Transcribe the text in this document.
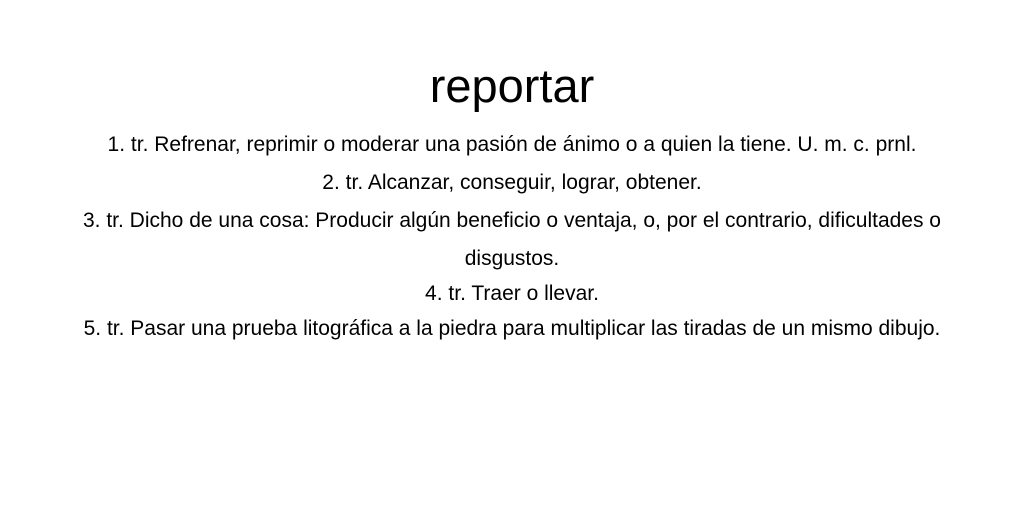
reportar
1. tr. Refrenar, reprimir o moderar una pasión de ánimo o a quien la tiene. U. m. c. prnl.
2. tr. Alcanzar, conseguir, lograr, obtener.
3. tr. Dicho de una cosa: Producir algún beneficio o ventaja, o, por el contrario, dificultades o disgustos.
4. tr. Traer o llevar.
5. tr. Pasar una prueba litográfica a la piedra para multiplicar las tiradas de un mismo dibujo.
